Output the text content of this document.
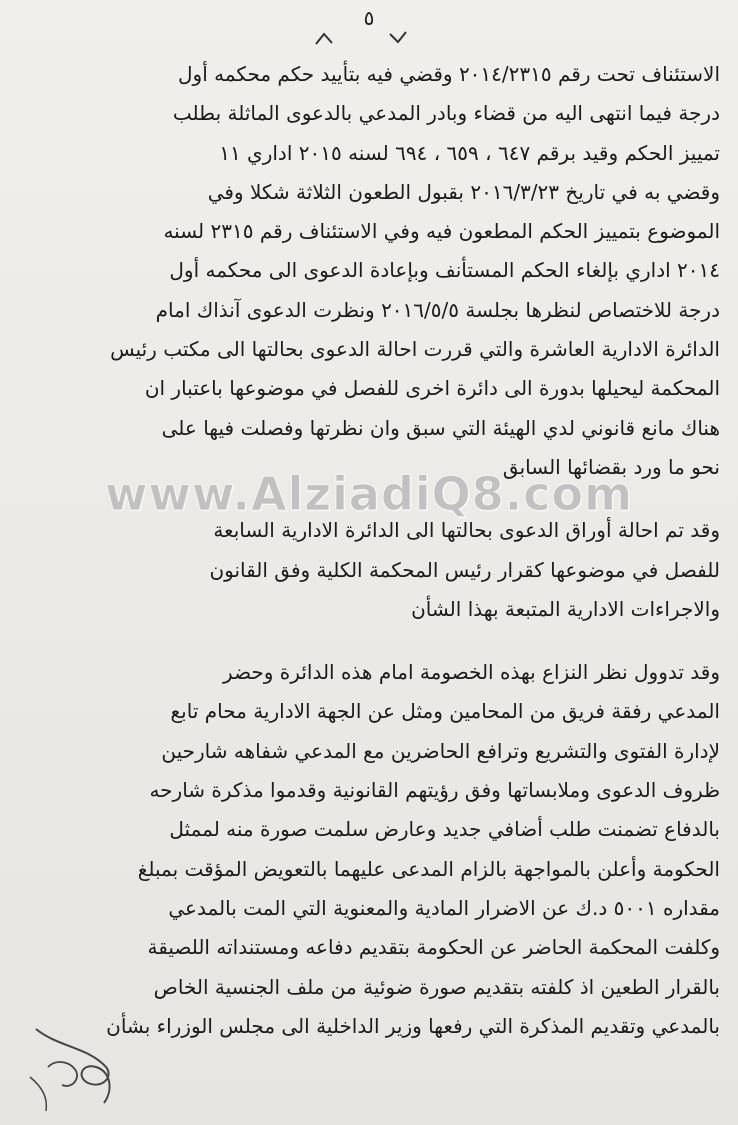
٥

الاستئناف تحت رقم ٢٠١٤/٢٣١٥ وقضي فيه بتأييد حكم محكمه أول

درجة فيما انتهى اليه من قضاء وبادر المدعي بالدعوى الماثلة بطلب

تمييز الحكم وقيد برقم ٦٤٧ ، ٦٥٩ ، ٦٩٤ لسنه ٢٠١٥ اداري ١١

وقضي به في تاريخ ٢٠١٦/٣/٢٣ بقبول الطعون الثلاثة شكلا وفي

الموضوع بتمييز الحكم المطعون فيه وفي الاستئناف رقم ٢٣١٥ لسنه

٢٠١٤ اداري بإلغاء الحكم المستأنف وبإعادة الدعوى الى محكمه أول

درجة للاختصاص لنظرها بجلسة ٢٠١٦/٥/٥ ونظرت الدعوى آنذاك امام

الدائرة الادارية العاشرة والتي قررت احالة الدعوى بحالتها الى مكتب رئيس

المحكمة ليحيلها بدورة الى دائرة اخرى للفصل في موضوعها باعتبار ان

هناك مانع قانوني لدي الهيئة التي سبق وان نظرتها وفصلت فيها على

نحو ما ورد بقضائها السابق

وقد تم احالة أوراق الدعوى بحالتها الى الدائرة الادارية السابعة

للفصل في موضوعها كقرار رئيس المحكمة الكلية وفق القانون

والاجراءات الادارية المتبعة بهذا الشأن

وقد تدوول نظر النزاع بهذه الخصومة امام هذه الدائرة وحضر

المدعي رفقة فريق من المحامين ومثل عن الجهة الادارية محام تابع

لإدارة الفتوى والتشريع وترافع الحاضرين مع المدعي شفاهه شارحين

ظروف الدعوى وملابساتها وفق رؤيتهم القانونية وقدموا مذكرة شارحه

بالدفاع تضمنت طلب أضافي جديد وعارض سلمت صورة منه لممثل

الحكومة وأعلن بالمواجهة بالزام المدعى عليهما بالتعويض المؤقت بمبلغ

مقداره ٥٠٠١ د.ك عن الاضرار المادية والمعنوية التي المت بالمدعي

وكلفت المحكمة الحاضر عن الحكومة بتقديم دفاعه ومستنداته اللصيقة

بالقرار الطعين اذ كلفته بتقديم صورة ضوئية من ملف الجنسية الخاص

بالمدعي وتقديم المذكرة التي رفعها وزير الداخلية الى مجلس الوزراء بشأن

www.AlziadiQ8.com
